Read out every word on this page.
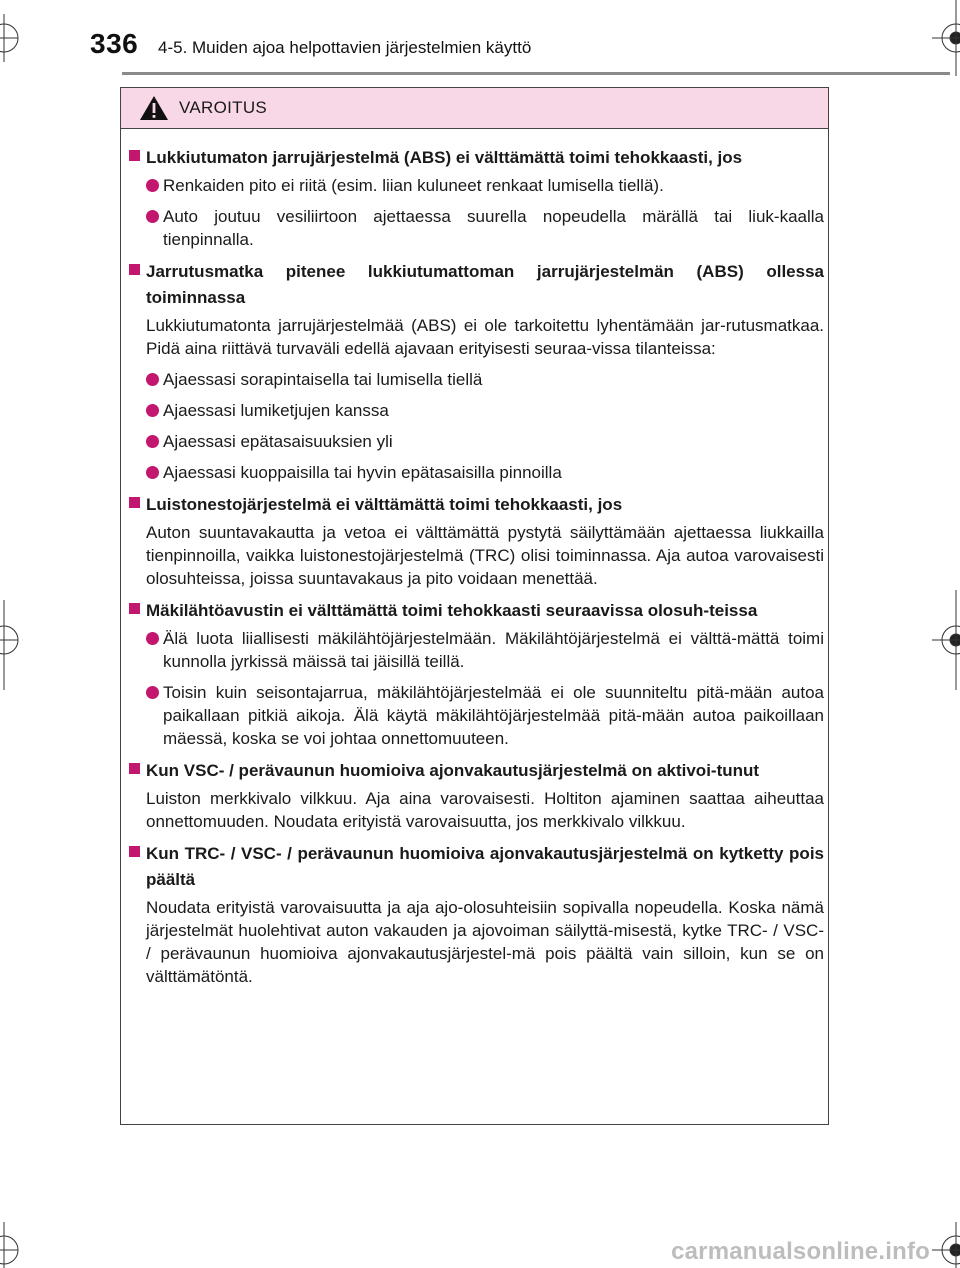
336 4-5. Muiden ajoa helpottavien järjestelmien käyttö
VAROITUS
Lukkiutumaton jarrujärjestelmä (ABS) ei välttämättä toimi tehokkaasti, jos
Renkaiden pito ei riitä (esim. liian kuluneet renkaat lumisella tiellä).
Auto joutuu vesiliirtoon ajettaessa suurella nopeudella märällä tai liuk-kaalla tienpinnalla.
Jarrutusmatka pitenee lukkiutumattoman jarrujärjestelmän (ABS) ollessa toiminnassa
Lukkiutumatonta jarrujärjestelmää (ABS) ei ole tarkoitettu lyhentämään jar-rutusmatkaa. Pidä aina riittävä turvaväli edellä ajavaan erityisesti seuraa-vissa tilanteissa:
Ajaessasi sorapintaisella tai lumisella tiellä
Ajaessasi lumiketjujen kanssa
Ajaessasi epätasaisuuksien yli
Ajaessasi kuoppaisilla tai hyvin epätasaisilla pinnoilla
Luistonestojärjestelmä ei välttämättä toimi tehokkaasti, jos
Auton suuntavakautta ja vetoa ei välttämättä pystytä säilyttämään ajettaessa liukkailla tienpinnoilla, vaikka luistonestojärjestelmä (TRC) olisi toiminnassa. Aja autoa varovaisesti olosuhteissa, joissa suuntavakaus ja pito voidaan menettää.
Mäkilähtöavustin ei välttämättä toimi tehokkaasti seuraavissa olosuh-teissa
Älä luota liiallisesti mäkilähtöjärjestelmään. Mäkilähtöjärjestelmä ei välttä-mättä toimi kunnolla jyrkissä mäissä tai jäisillä teillä.
Toisin kuin seisontajarrua, mäkilähtöjärjestelmää ei ole suunniteltu pitä-mään autoa paikallaan pitkiä aikoja. Älä käytä mäkilähtöjärjestelmää pitä-mään autoa paikoillaan mäessä, koska se voi johtaa onnettomuuteen.
Kun VSC- / perävaunun huomioiva ajonvakautusjärjestelmä on aktivoi-tunut
Luiston merkkivalo vilkkuu. Aja aina varovaisesti. Holtiton ajaminen saattaa aiheuttaa onnettomuuden. Noudata erityistä varovaisuutta, jos merkkivalo vilkkuu.
Kun TRC- / VSC- / perävaunun huomioiva ajonvakautusjärjestelmä on kytketty pois päältä
Noudata erityistä varovaisuutta ja aja ajo-olosuhteisiin sopivalla nopeudella. Koska nämä järjestelmät huolehtivat auton vakauden ja ajovoiman säilyttä-misestä, kytke TRC- / VSC- / perävaunun huomioiva ajonvakautusjärjestel-mä pois päältä vain silloin, kun se on välttämätöntä.
carmanualsonline.info
